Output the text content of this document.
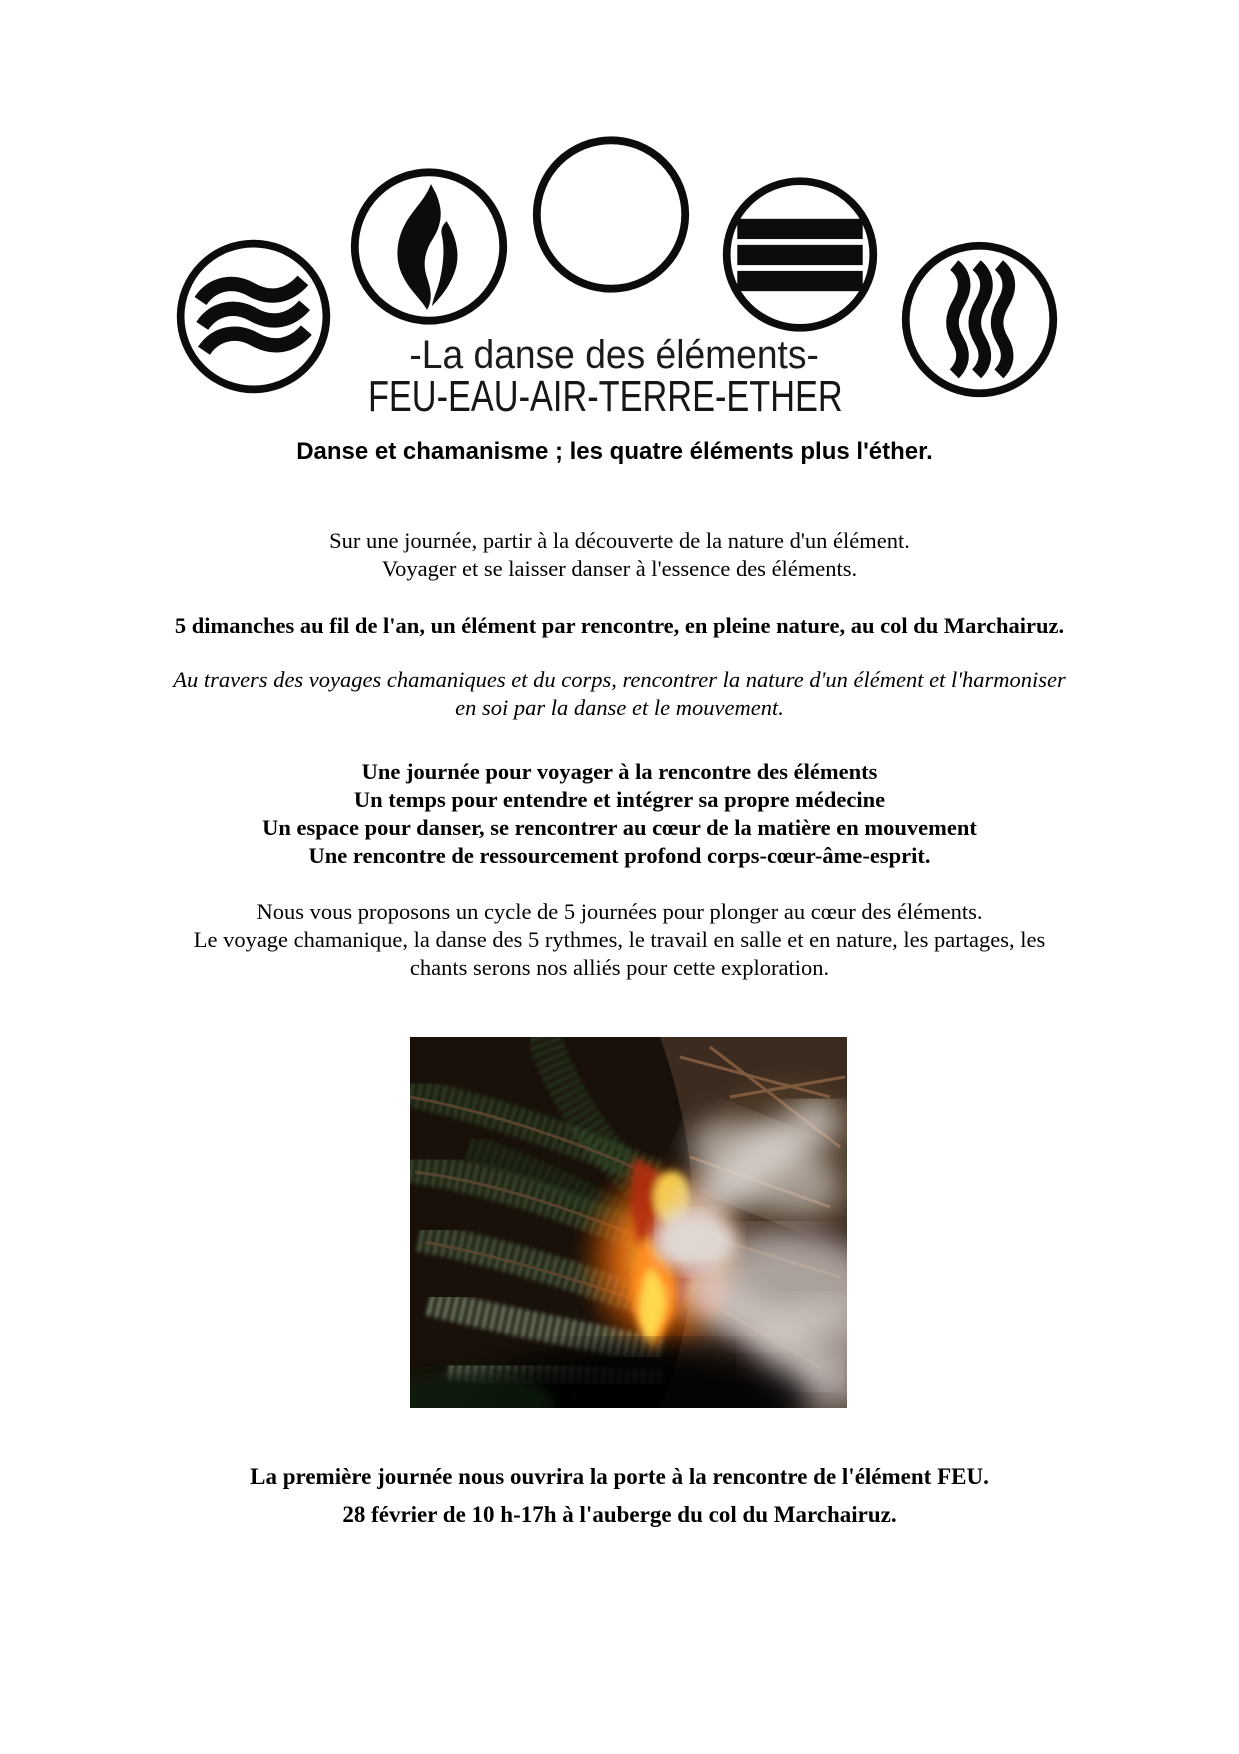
-La danse des éléments-
FEU-EAU-AIR-TERRE-ETHER
Danse et chamanisme ; les quatre éléments plus l'éther.
Sur une journée, partir à la découverte de la nature d'un élément.
Voyager et se laisser danser à l'essence des éléments.
5 dimanches au fil de l'an, un élément par rencontre, en pleine nature, au col du Marchairuz.
Au travers des voyages chamaniques et du corps, rencontrer la nature d'un élément et l'harmoniser
en soi par la danse et le mouvement.
Une journée pour voyager à la rencontre des éléments
Un temps pour entendre et intégrer sa propre médecine
Un espace pour danser, se rencontrer au cœur de la matière en mouvement
Une rencontre de ressourcement profond corps-cœur-âme-esprit.
Nous vous proposons un cycle de 5 journées pour plonger au cœur des éléments.
Le voyage chamanique, la danse des 5 rythmes, le travail en salle et en nature, les partages, les
chants serons nos alliés pour cette exploration.
La première journée nous ouvrira la porte à la rencontre de l'élément FEU.
28 février de 10 h-17h à l'auberge du col du Marchairuz.
